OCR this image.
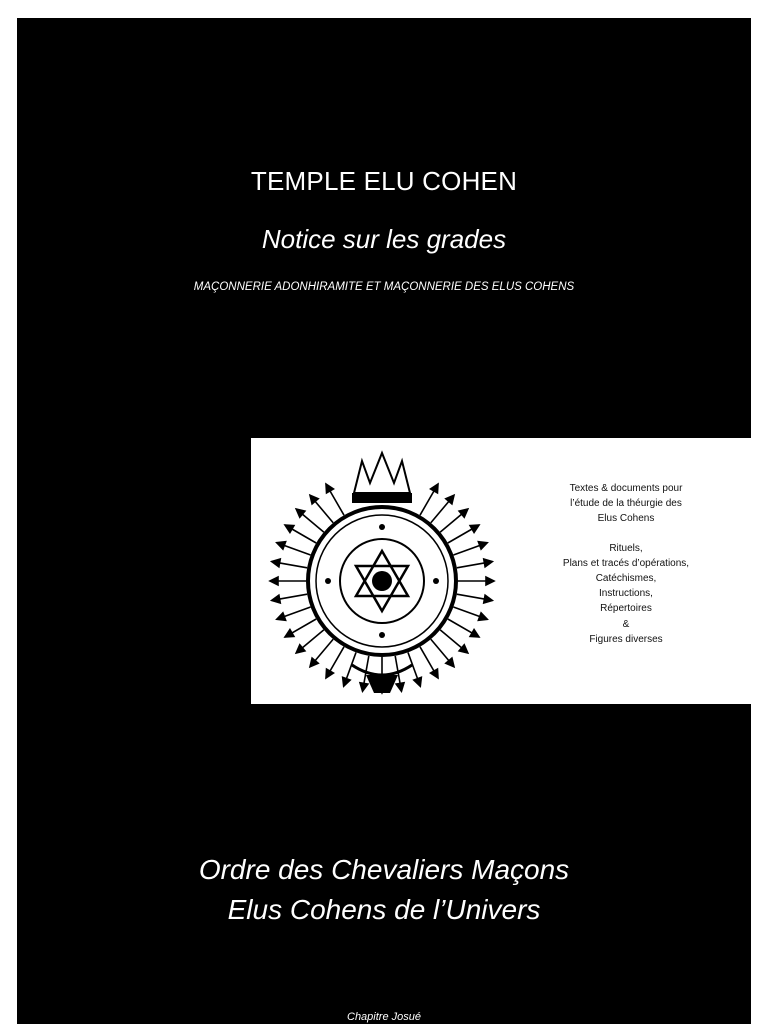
TEMPLE ELU COHEN
Notice sur les grades
MAÇONNERIE ADONHIRAMITE ET MAÇONNERIE DES ELUS COHENS
Textes & documents pour
l’étude de la théurgie des
Elus Cohens
Rituels,
Plans et tracés d’opérations,
Catéchismes,
Instructions,
Répertoires
&
Figures diverses
Ordre des Chevaliers Maçons
Elus Cohens de l’Univers
Chapitre Josué
